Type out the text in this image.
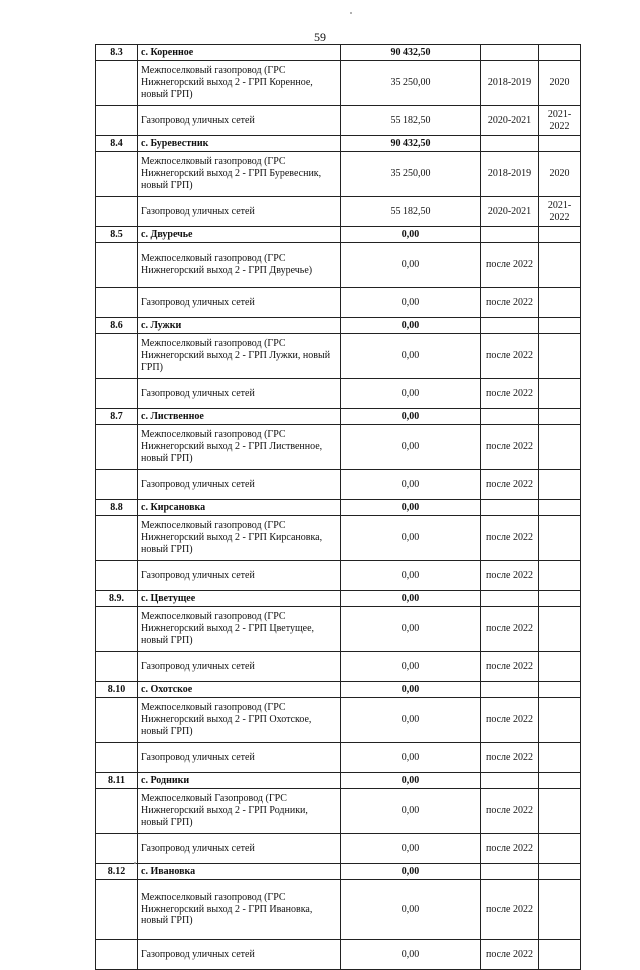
59
8.3	с. Коренное	90 432,50		
	Межпоселковый газопровод (ГРС Нижнегорский выход 2 - ГРП Коренное, новый ГРП)	35 250,00	2018-2019	2020

	Газопровод уличных сетей	55 182,50	2020-2021	2021-2022

8.4	с. Буревестник	90 432,50		
	Межпоселковый газопровод (ГРС Нижнегорский выход 2 - ГРП Буревесник, новый ГРП)	35 250,00	2018-2019	2020

	Газопровод уличных сетей	55 182,50	2020-2021	2021-2022

8.5	с. Двуречье	0,00		
	Межпоселковый газопровод (ГРС Нижнегорский выход 2 - ГРП Двуречье)	0,00	после 2022	

	Газопровод уличных сетей	0,00	после 2022	

8.6	с. Лужки	0,00		
	Межпоселковый газопровод (ГРС Нижнегорский выход 2 - ГРП Лужки, новый ГРП)	0,00	после 2022	

	Газопровод уличных сетей	0,00	после 2022	

8.7	с. Лиственное	0,00		
	Межпоселковый газопровод (ГРС Нижнегорский выход 2 - ГРП Лиственное, новый ГРП)	0,00	после 2022	

	Газопровод уличных сетей	0,00	после 2022	

8.8	с. Кирсановка	0,00		
	Межпоселковый газопровод (ГРС Нижнегорский выход 2 - ГРП Кирсановка, новый ГРП)	0,00	после 2022	

	Газопровод уличных сетей	0,00	после 2022	

8.9.	с. Цветущее	0,00		
	Межпоселковый газопровод (ГРС Нижнегорский выход 2 - ГРП Цветущее, новый ГРП)	0,00	после 2022	

	Газопровод уличных сетей	0,00	после 2022	

8.10	с. Охотское	0,00		
	Межпоселковый газопровод (ГРС Нижнегорский выход 2 - ГРП Охотское, новый ГРП)	0,00	после 2022	

	Газопровод уличных сетей	0,00	после 2022	

8.11	с. Родники	0,00		
	Межпоселковый Газопровод (ГРС Нижнегорский выход 2 - ГРП Родники, новый ГРП)	0,00	после 2022	

	Газопровод уличных сетей	0,00	после 2022	

8.12	с. Ивановка	0,00		
	Межпоселковый газопровод (ГРС Нижнегорский выход 2 - ГРП Ивановка, новый ГРП)	0,00	после 2022	

	Газопровод уличных сетей	0,00	после 2022	
